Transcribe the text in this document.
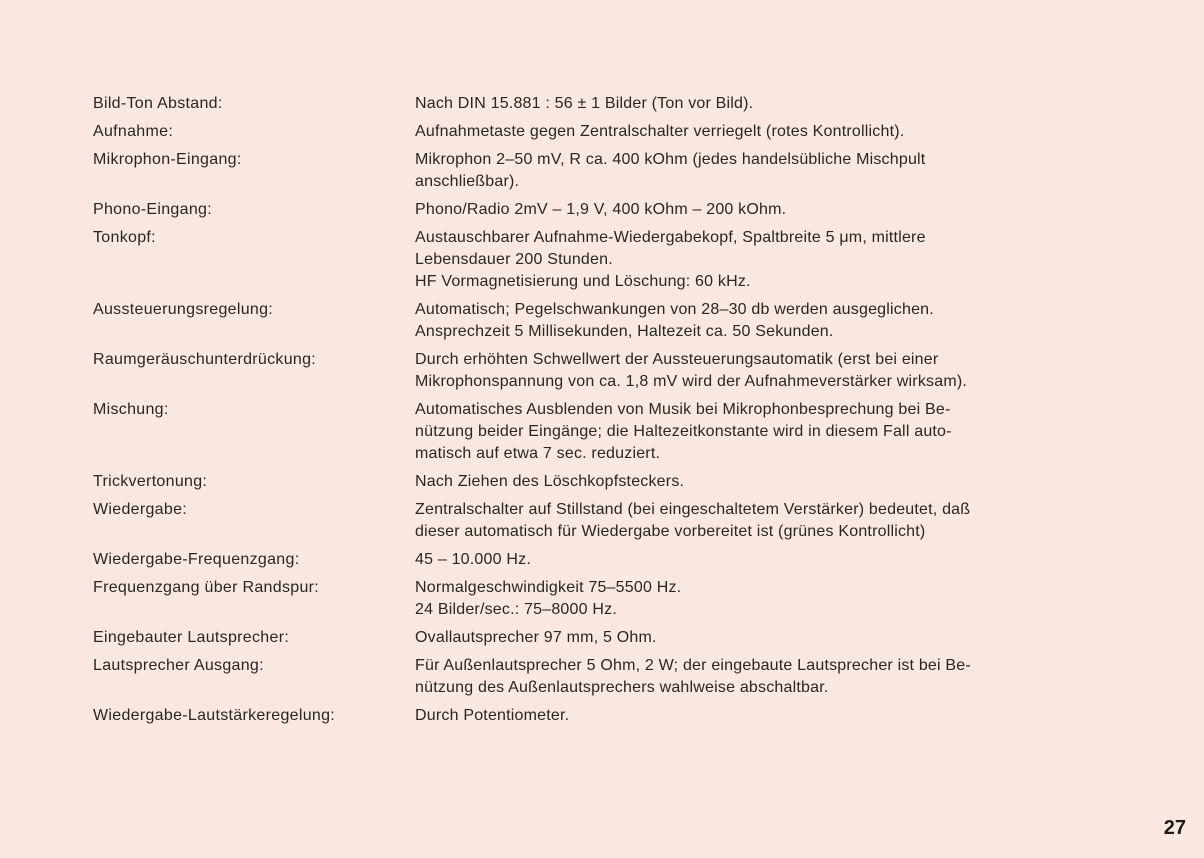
Bild-Ton Abstand:	Nach DIN 15.881 : 56 ± 1 Bilder (Ton vor Bild).
Aufnahme:	Aufnahmetaste gegen Zentralschalter verriegelt (rotes Kontrollicht).
Mikrophon-Eingang:	Mikrophon 2–50 mV, R ca. 400 kOhm (jedes handelsübliche Mischpult
anschließbar).
Phono-Eingang:	Phono/Radio 2mV – 1,9 V, 400 kOhm – 200 kOhm.
Tonkopf:	Austauschbarer Aufnahme-Wiedergabekopf, Spaltbreite 5 μm, mittlere
Lebensdauer 200 Stunden.
HF Vormagnetisierung und Löschung: 60 kHz.
Aussteuerungsregelung:	Automatisch; Pegelschwankungen von 28–30 db werden ausgeglichen.
Ansprechzeit 5 Millisekunden, Haltezeit ca. 50 Sekunden.
Raumgeräuschunterdrückung:	Durch erhöhten Schwellwert der Aussteuerungsautomatik (erst bei einer
Mikrophonspannung von ca. 1,8 mV wird der Aufnahmeverstärker wirksam).
Mischung:	Automatisches Ausblenden von Musik bei Mikrophonbesprechung bei Be-
nützung beider Eingänge; die Haltezeitkonstante wird in diesem Fall auto-
matisch auf etwa 7 sec. reduziert.
Trickvertonung:	Nach Ziehen des Löschkopfsteckers.
Wiedergabe:	Zentralschalter auf Stillstand (bei eingeschaltetem Verstärker) bedeutet, daß
dieser automatisch für Wiedergabe vorbereitet ist (grünes Kontrollicht)
Wiedergabe-Frequenzgang:	45 – 10.000 Hz.
Frequenzgang über Randspur:	Normalgeschwindigkeit 75–5500 Hz.
24 Bilder/sec.: 75–8000 Hz.
Eingebauter Lautsprecher:	Ovallautsprecher 97 mm, 5 Ohm.
Lautsprecher Ausgang:	Für Außenlautsprecher 5 Ohm, 2 W; der eingebaute Lautsprecher ist bei Be-
nützung des Außenlautsprechers wahlweise abschaltbar.
Wiedergabe-Lautstärkeregelung:	Durch Potentiometer.
27
